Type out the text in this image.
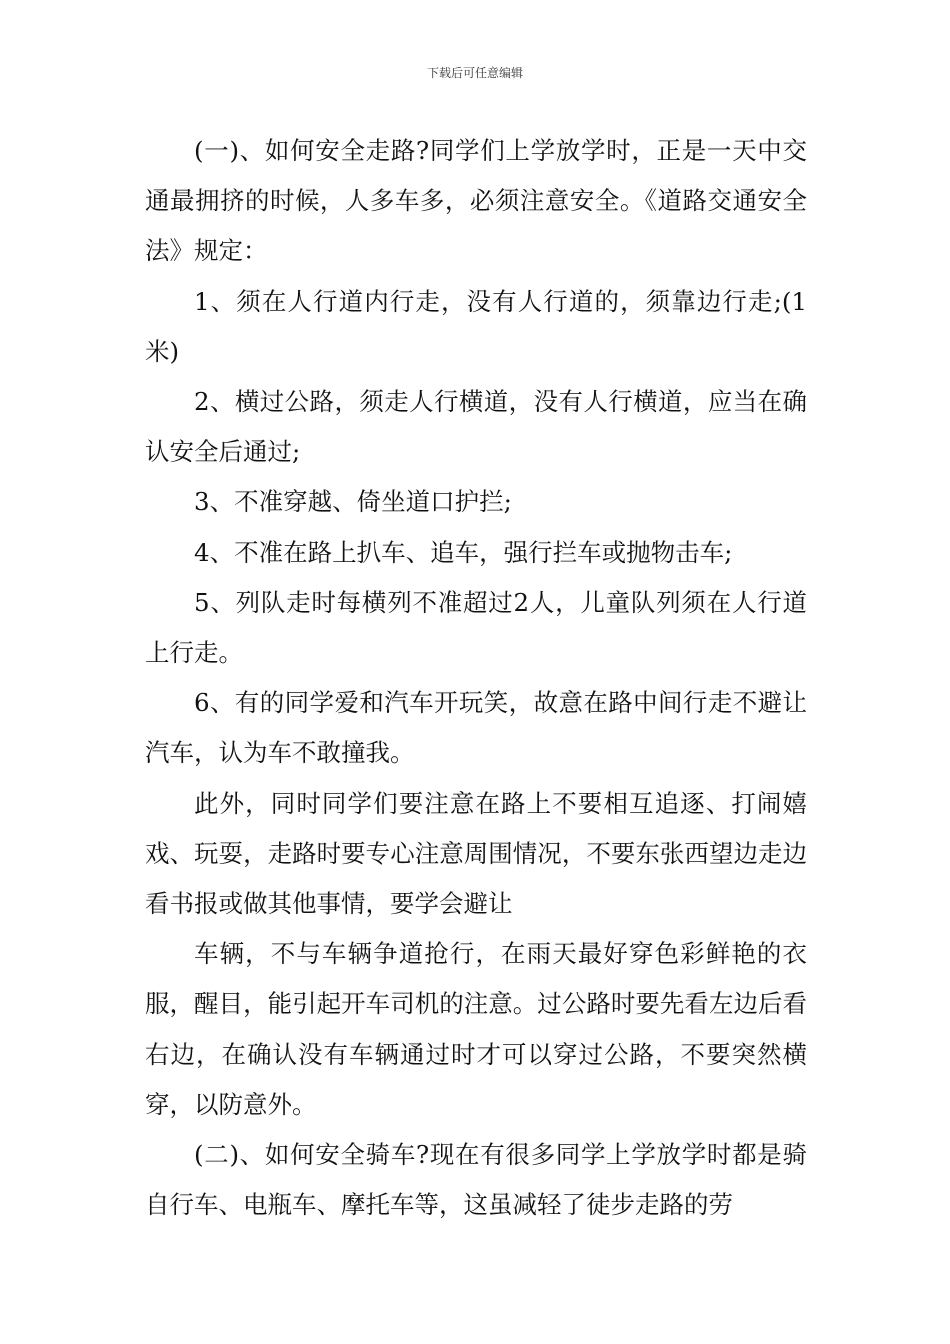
下载后可任意编辑

(一)、如何安全走路?同学们上学放学时，正是一天中交通最拥挤的时候，人多车多，必须注意安全。《道路交通安全法》规定：

1、须在人行道内行走，没有人行道的，须靠边行走;(1米)

2、横过公路，须走人行横道，没有人行横道，应当在确认安全后通过;

3、不准穿越、倚坐道口护拦;

4、不准在路上扒车、追车，强行拦车或抛物击车;

5、列队走时每横列不准超过2人，儿童队列须在人行道上行走。

6、有的同学爱和汽车开玩笑，故意在路中间行走不避让汽车，认为车不敢撞我。

此外，同时同学们要注意在路上不要相互追逐、打闹嬉戏、玩耍，走路时要专心注意周围情况，不要东张西望边走边看书报或做其他事情，要学会避让

车辆，不与车辆争道抢行，在雨天最好穿色彩鲜艳的衣服，醒目，能引起开车司机的注意。过公路时要先看左边后看右边，在确认没有车辆通过时才可以穿过公路，不要突然横穿，以防意外。

(二)、如何安全骑车?现在有很多同学上学放学时都是骑自行车、电瓶车、摩托车等，这虽减轻了徒步走路的劳
